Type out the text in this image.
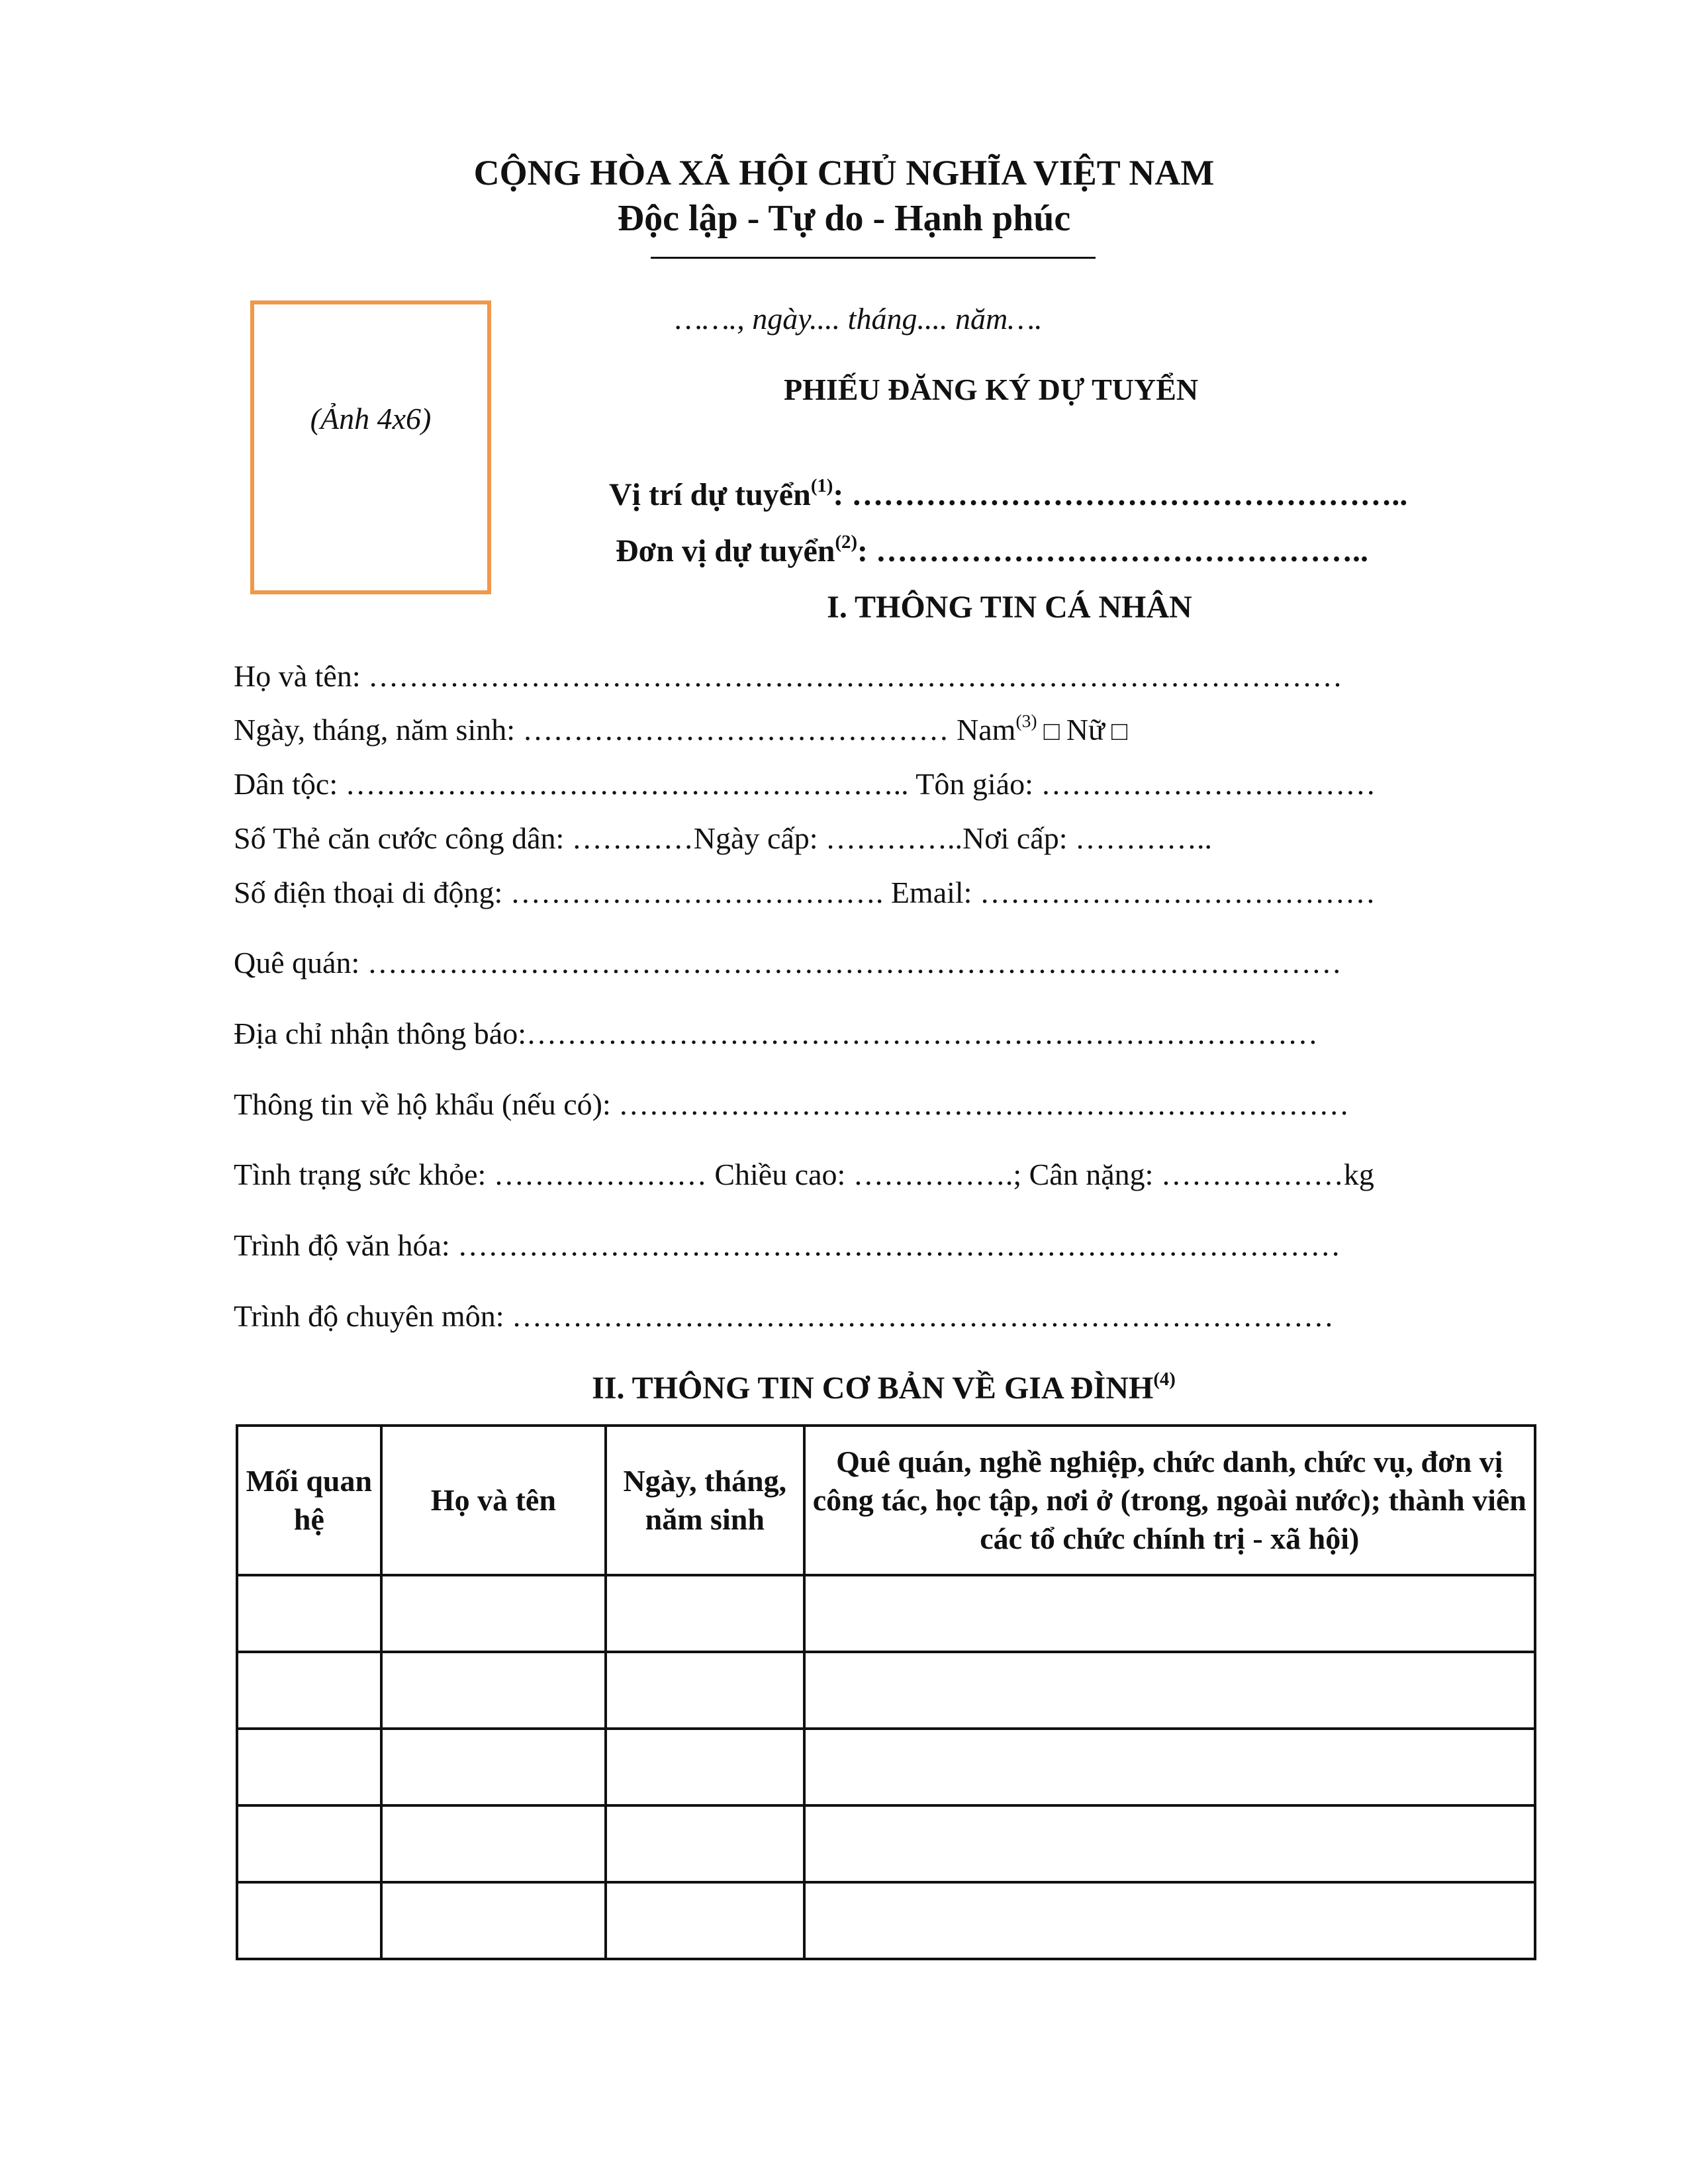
CỘNG HÒA XÃ HỘI CHỦ NGHĨA VIỆT NAM
Độc lập - Tự do - Hạnh phúc
(Ảnh 4x6)
……., ngày.... tháng.... năm….
PHIẾU ĐĂNG KÝ DỰ TUYỂN
Vị trí dự tuyển$^{(1)}$: ……………………………………………..
Đơn vị dự tuyển$^{(2)}$: ………………………………………..
I. THÔNG TIN CÁ NHÂN
Họ và tên: ……………………………………………………………………………………
Ngày, tháng, năm sinh: …………………………………… Nam$^{(3)}$ □ Nữ □
Dân tộc: ……………………………………………….. Tôn giáo: ……………………………
Số Thẻ căn cước công dân: …………Ngày cấp: …………..Nơi cấp: …………..
Số điện thoại di động: ………………………………. Email: …………………………………
Quê quán: ……………………………………………………………………………………
Địa chỉ nhận thông báo:……………………………………………………………………
Thông tin về hộ khẩu (nếu có): ………………………………………………………………
Tình trạng sức khỏe: ………………… Chiều cao: …………….; Cân nặng: ………………kg
Trình độ văn hóa: ……………………………………………………………………………
Trình độ chuyên môn: ………………………………………………………………………
II. THÔNG TIN CƠ BẢN VỀ GIA ĐÌNH$^{(4)}$
Mối quan hệ	Họ và tên	Ngày, tháng, năm sinh	Quê quán, nghề nghiệp, chức danh, chức vụ, đơn vị công tác, học tập, nơi ở (trong, ngoài nước); thành viên các tổ chức chính trị - xã hội)
